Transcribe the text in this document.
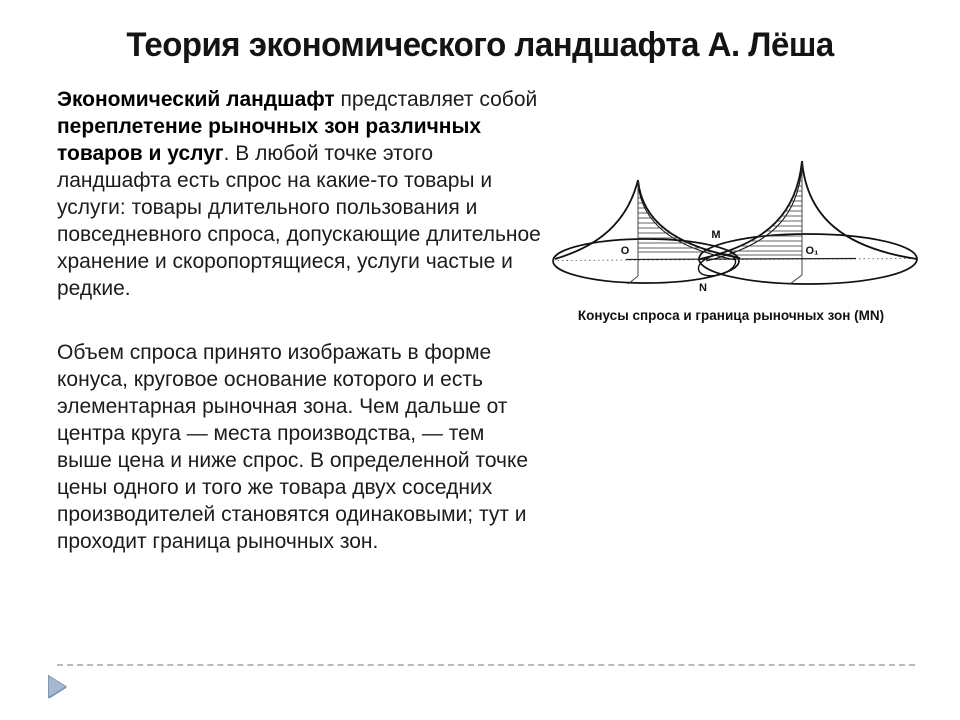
Теория экономического ландшафта А. Лёша

Экономический ландшафт представляет собой переплетение рыночных зон различных товаров и услуг. В любой точке этого ландшафта есть спрос на какие-то товары и услуги: товары длительного пользования и повседневного спроса, допускающие длительное хранение и скоропортящиеся, услуги частые и редкие.

Объем спроса принято изображать в форме конуса, круговое основание которого и есть элементарная рыночная зона. Чем дальше от центра круга — места производства, — тем выше цена и ниже спрос. В определенной точке цены одного и того же товара двух соседних производителей становятся одинаковыми; тут и проходит граница рыночных зон.

M
N
O	O₁
Конусы спроса и граница рыночных зон (MN)
